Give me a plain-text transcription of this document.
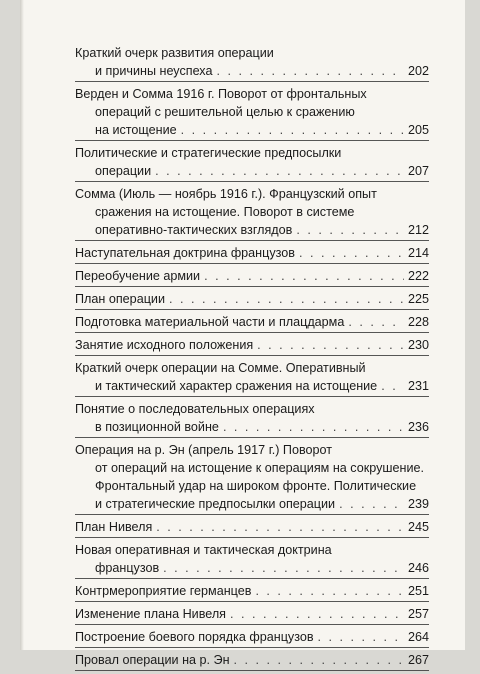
Краткий очерк развития операции
и причины неуспеха . . .	202
Верден и Сомма 1916 г. Поворот от фронтальных
операций с решительной целью к сражению
на истощение . . .	205
Политические и стратегические предпосылки
операции . . .	207
Сомма (Июль — ноябрь 1916 г.). Французский опыт
сражения на истощение. Поворот в системе
оперативно-тактических взглядов . . .	212
Наступательная доктрина французов . . .	214
Переобучение армии . . .	222
План операции . . .	225
Подготовка материальной части и плацдарма . . .	228
Занятие исходного положения . . .	230
Краткий очерк операции на Сомме. Оперативный
и тактический характер сражения на истощение . . . 231
Понятие о последовательных операциях
в позиционной войне . . .	236
Операция на р. Эн (апрель 1917 г.) Поворот
от операций на истощение к операциям на сокрушение.
Фронтальный удар на широком фронте. Политические
и стратегические предпосылки операции . . .	239
План Нивеля . . .	245
Новая оперативная и тактическая доктрина
французов . . .	246
Контрмероприятие германцев . . .	251
Изменение плана Нивеля . . .	257
Построение боевого порядка французов . . .	264
Провал операции на р. Эн . . .	267
